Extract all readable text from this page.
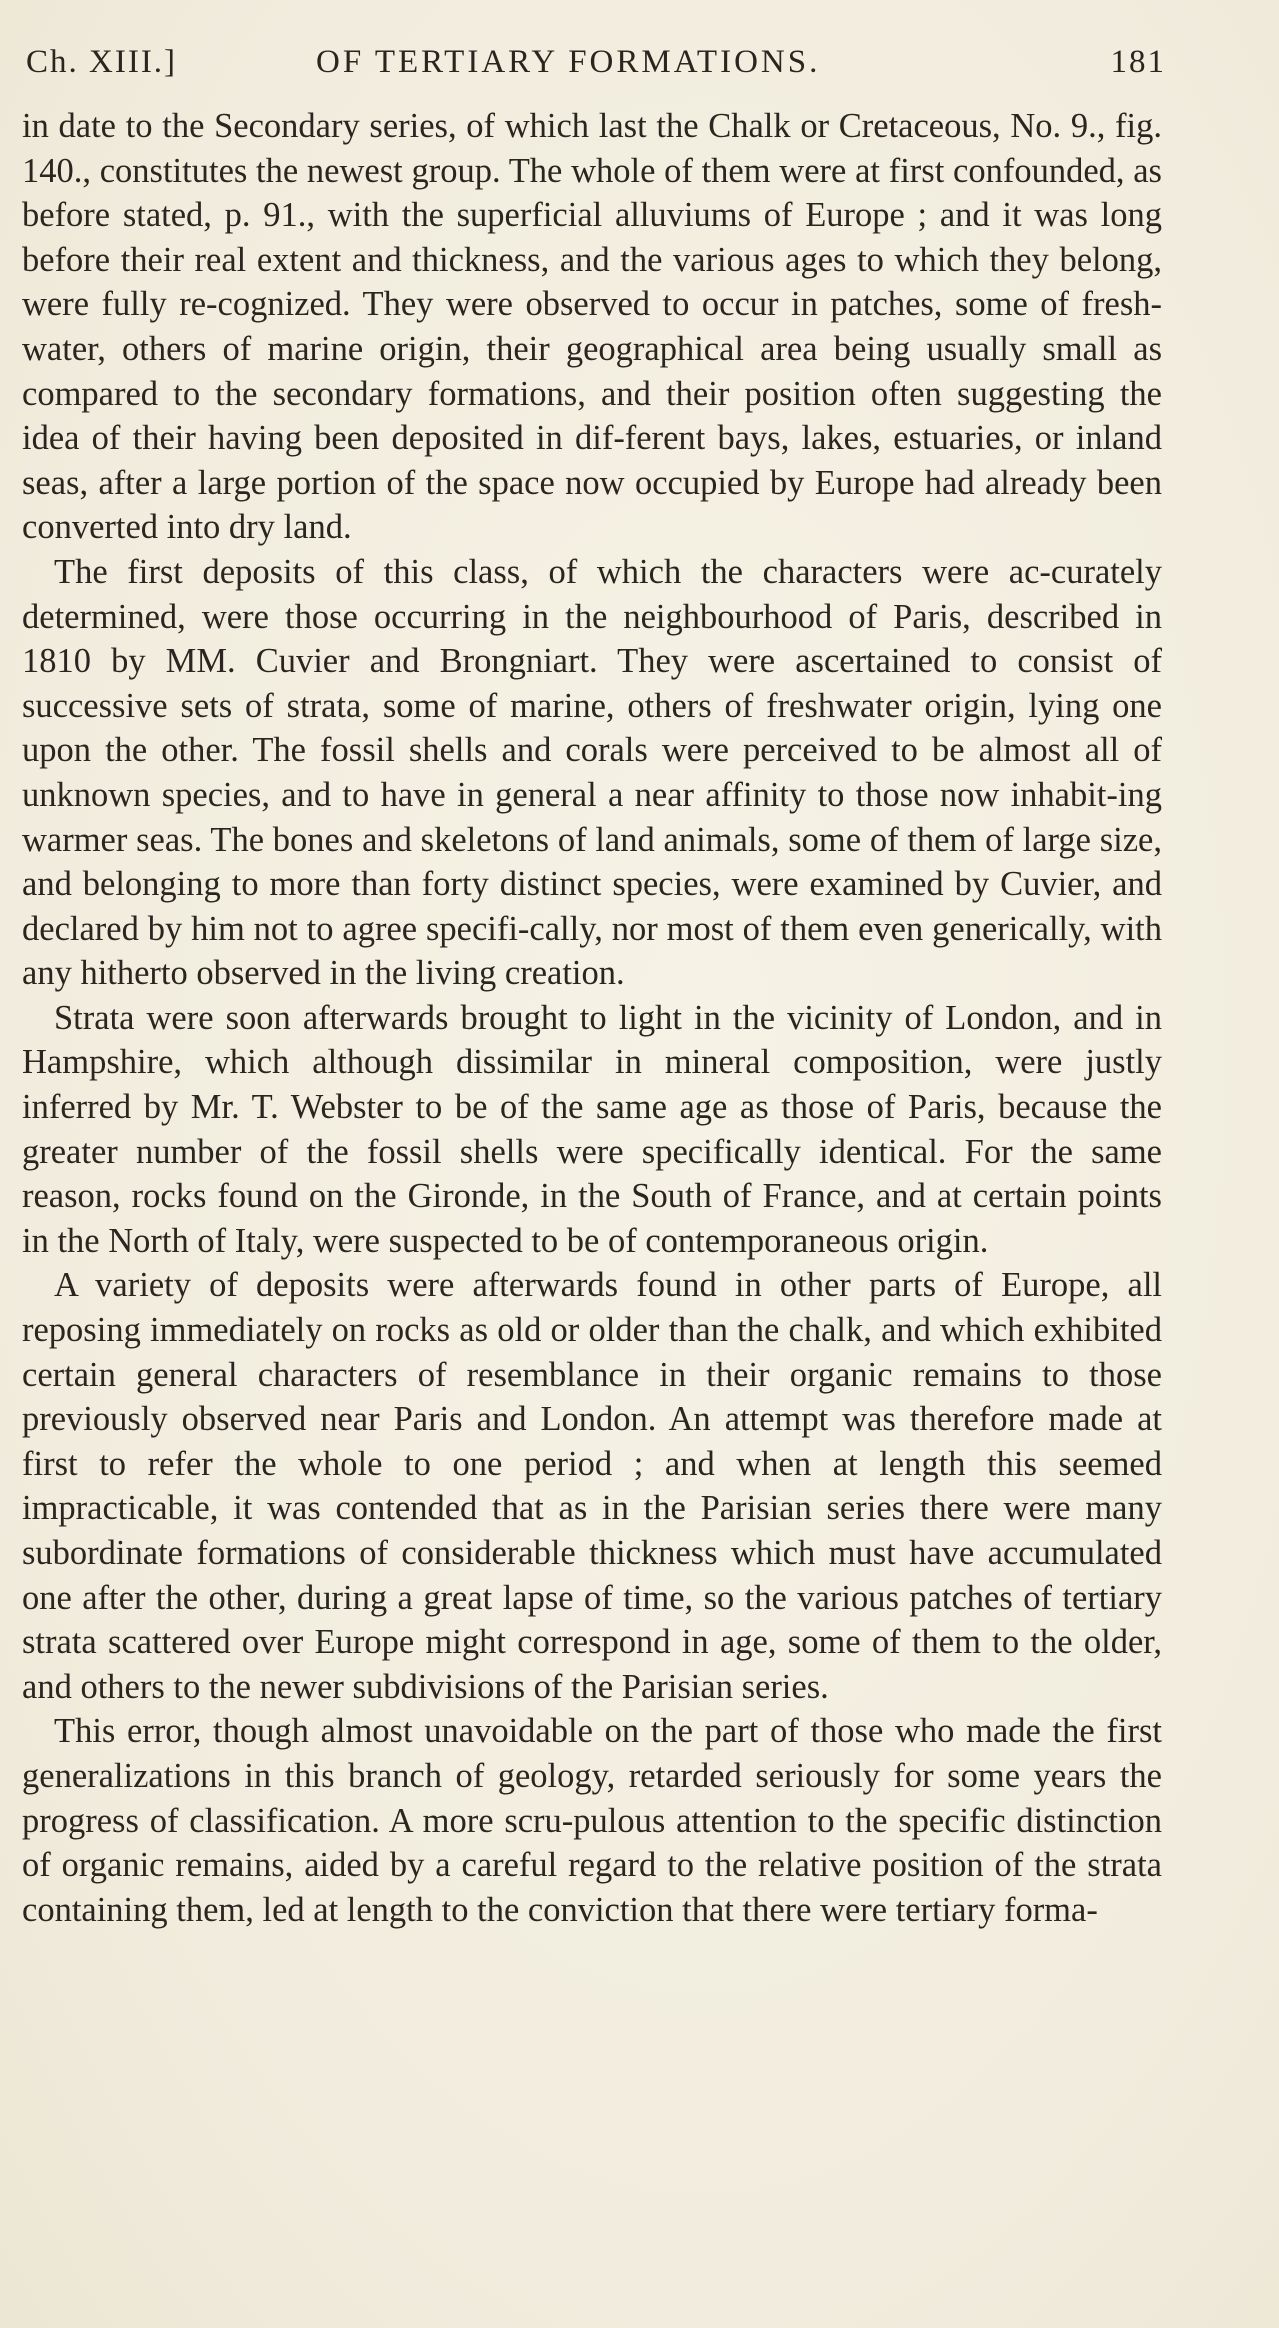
Ch. XIII.]	OF TERTIARY FORMATIONS.	181

in date to the Secondary series, of which last the Chalk or Cretaceous, No. 9., fig. 140., constitutes the newest group. The whole of them were at first confounded, as before stated, p. 91., with the superficial alluviums of Europe ; and it was long before their real extent and thickness, and the various ages to which they belong, were fully re-cognized. They were observed to occur in patches, some of fresh-water, others of marine origin, their geographical area being usually small as compared to the secondary formations, and their position often suggesting the idea of their having been deposited in dif-ferent bays, lakes, estuaries, or inland seas, after a large portion of the space now occupied by Europe had already been converted into dry land.

The first deposits of this class, of which the characters were ac-curately determined, were those occurring in the neighbourhood of Paris, described in 1810 by MM. Cuvier and Brongniart. They were ascertained to consist of successive sets of strata, some of marine, others of freshwater origin, lying one upon the other. The fossil shells and corals were perceived to be almost all of unknown species, and to have in general a near affinity to those now inhabit-ing warmer seas. The bones and skeletons of land animals, some of them of large size, and belonging to more than forty distinct species, were examined by Cuvier, and declared by him not to agree specifi-cally, nor most of them even generically, with any hitherto observed in the living creation.

Strata were soon afterwards brought to light in the vicinity of London, and in Hampshire, which although dissimilar in mineral composition, were justly inferred by Mr. T. Webster to be of the same age as those of Paris, because the greater number of the fossil shells were specifically identical. For the same reason, rocks found on the Gironde, in the South of France, and at certain points in the North of Italy, were suspected to be of contemporaneous origin.

A variety of deposits were afterwards found in other parts of Europe, all reposing immediately on rocks as old or older than the chalk, and which exhibited certain general characters of resemblance in their organic remains to those previously observed near Paris and London. An attempt was therefore made at first to refer the whole to one period ; and when at length this seemed impracticable, it was contended that as in the Parisian series there were many subordinate formations of considerable thickness which must have accumulated one after the other, during a great lapse of time, so the various patches of tertiary strata scattered over Europe might correspond in age, some of them to the older, and others to the newer subdivisions of the Parisian series.

This error, though almost unavoidable on the part of those who made the first generalizations in this branch of geology, retarded seriously for some years the progress of classification. A more scru-pulous attention to the specific distinction of organic remains, aided by a careful regard to the relative position of the strata containing them, led at length to the conviction that there were tertiary forma-
